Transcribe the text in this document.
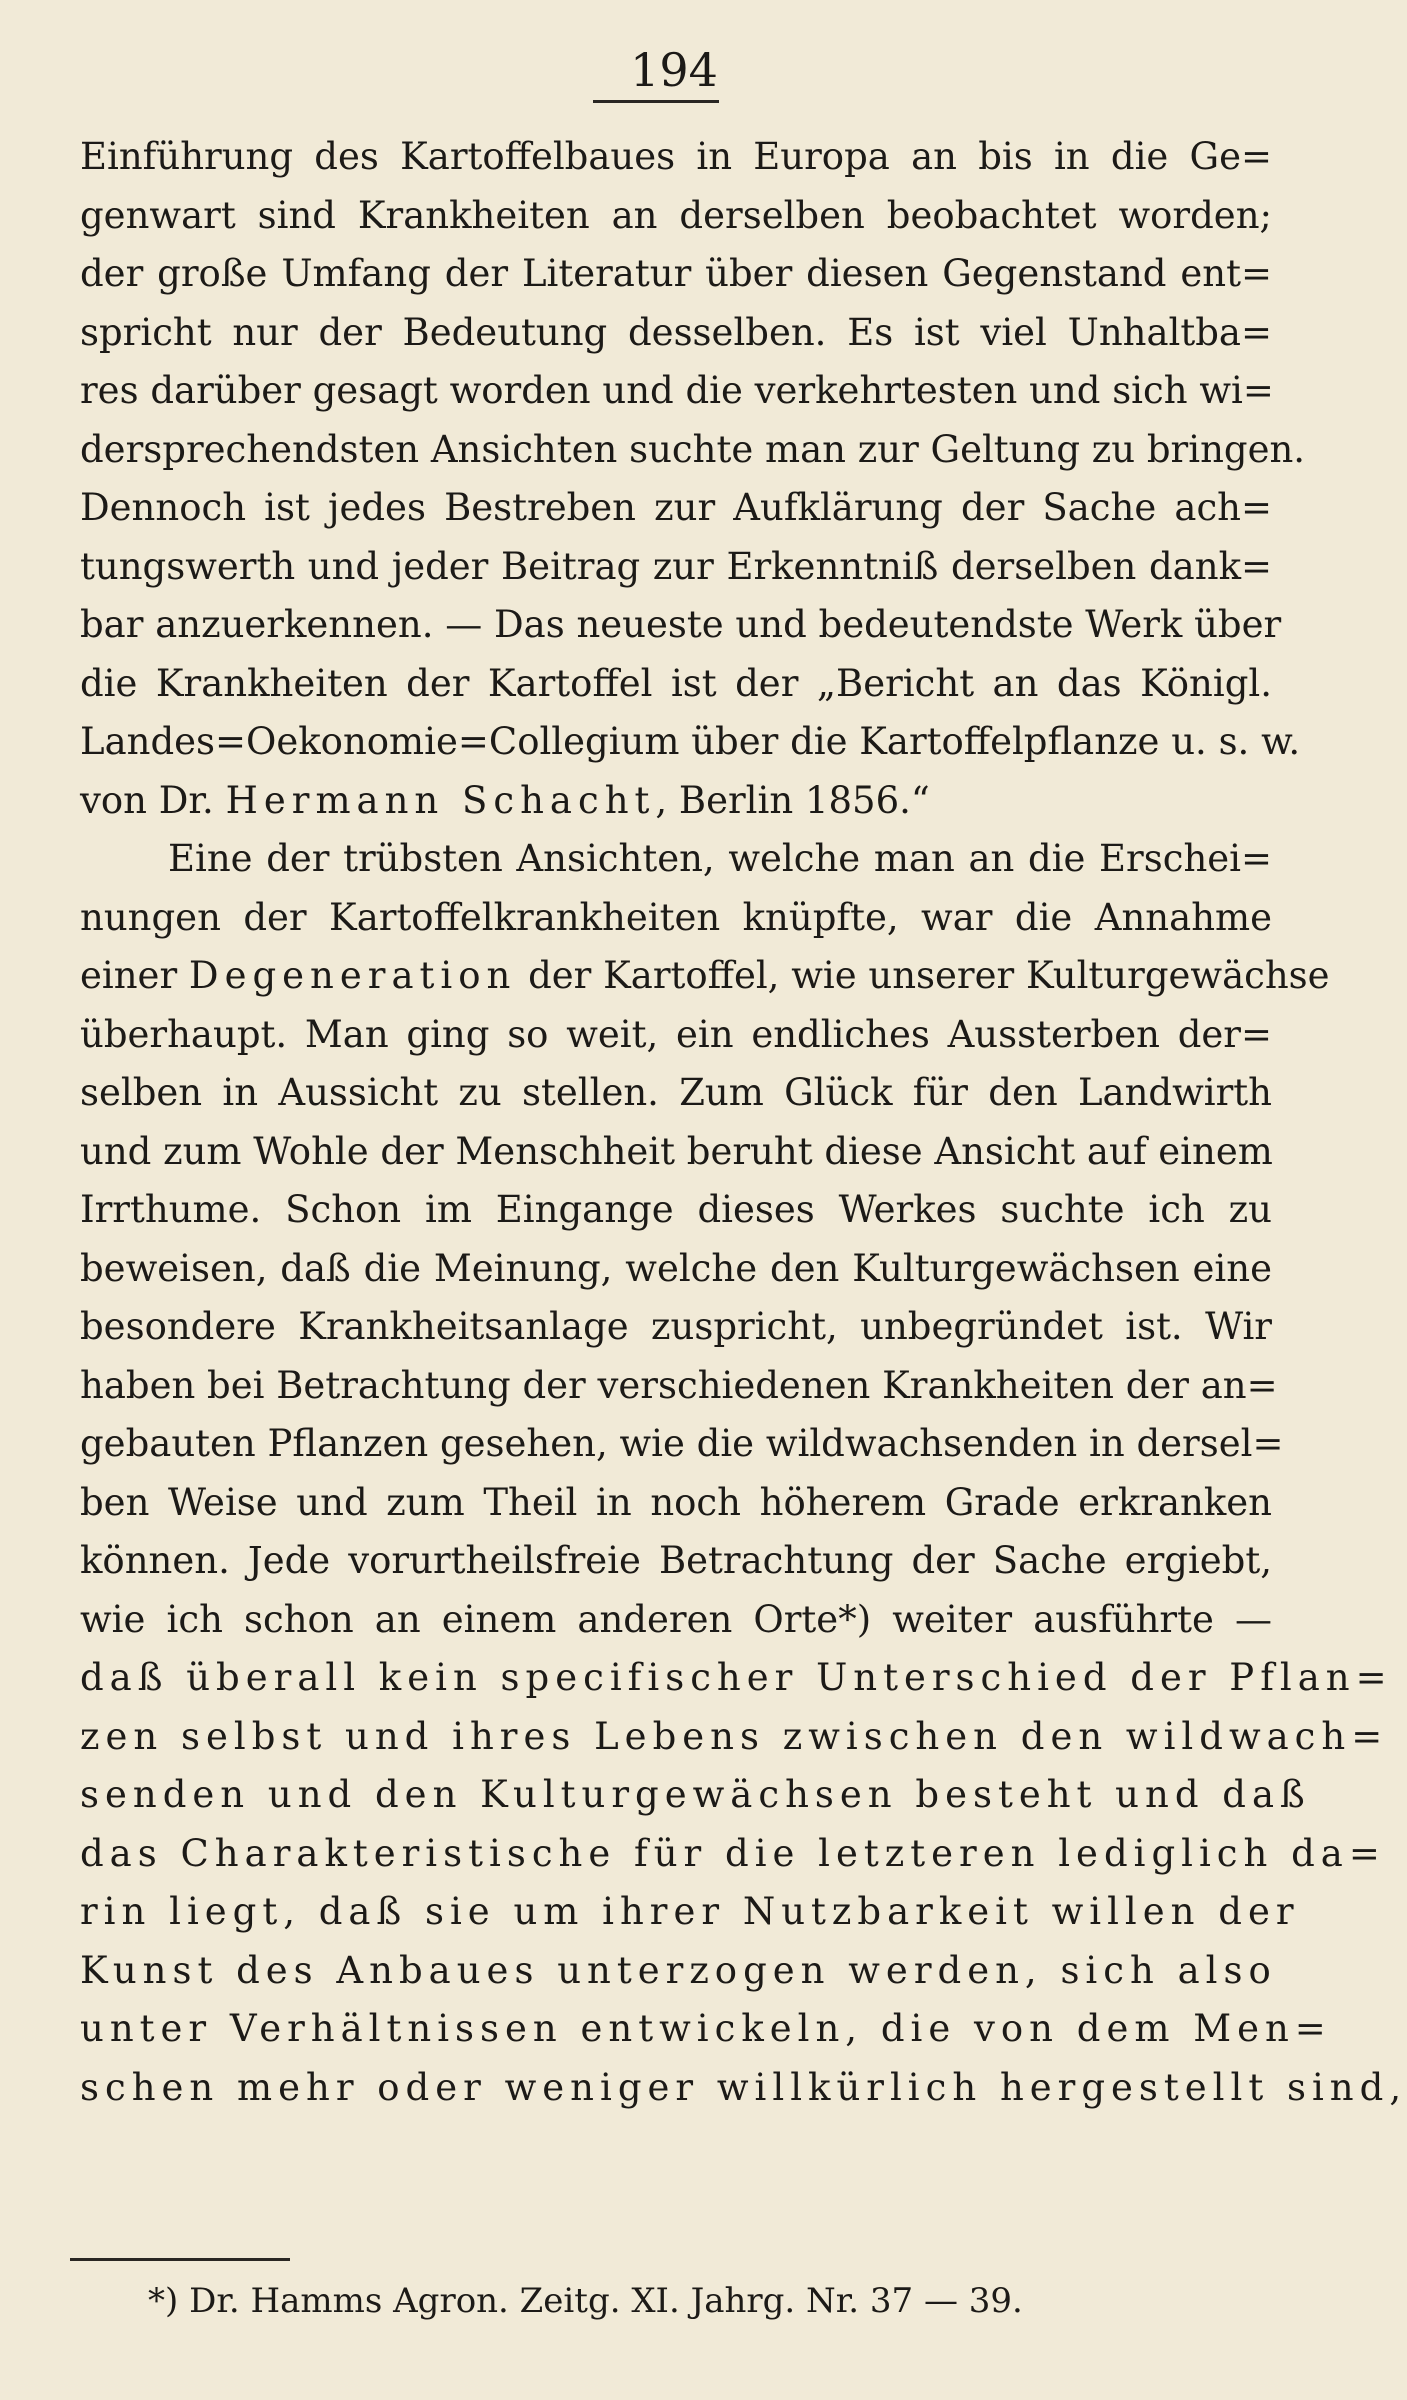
194
Einführung des Kartoffelbaues in Europa an bis in die Ge=
genwart sind Krankheiten an derselben beobachtet worden;
der große Umfang der Literatur über diesen Gegenstand ent=
spricht nur der Bedeutung desselben. Es ist viel Unhaltba=
res darüber gesagt worden und die verkehrtesten und sich wi=
dersprechendsten Ansichten suchte man zur Geltung zu bringen.
Dennoch ist jedes Bestreben zur Aufklärung der Sache ach=
tungswerth und jeder Beitrag zur Erkenntniß derselben dank=
bar anzuerkennen. — Das neueste und bedeutendste Werk über
die Krankheiten der Kartoffel ist der „Bericht an das Königl.
Landes=Oekonomie=Collegium über die Kartoffelpflanze u. s. w.
von Dr. Hermann Schacht, Berlin 1856.“
Eine der trübsten Ansichten, welche man an die Erschei=
nungen der Kartoffelkrankheiten knüpfte, war die Annahme
einer Degeneration der Kartoffel, wie unserer Kulturgewächse
überhaupt. Man ging so weit, ein endliches Aussterben der=
selben in Aussicht zu stellen. Zum Glück für den Landwirth
und zum Wohle der Menschheit beruht diese Ansicht auf einem
Irrthume. Schon im Eingange dieses Werkes suchte ich zu
beweisen, daß die Meinung, welche den Kulturgewächsen eine
besondere Krankheitsanlage zuspricht, unbegründet ist. Wir
haben bei Betrachtung der verschiedenen Krankheiten der an=
gebauten Pflanzen gesehen, wie die wildwachsenden in dersel=
ben Weise und zum Theil in noch höherem Grade erkranken
können. Jede vorurtheilsfreie Betrachtung der Sache ergiebt,
wie ich schon an einem anderen Orte*) weiter ausführte —
daß überall kein specifischer Unterschied der Pflan=
zen selbst und ihres Lebens zwischen den wildwach=
senden und den Kulturgewächsen besteht und daß
das Charakteristische für die letzteren lediglich da=
rin liegt, daß sie um ihrer Nutzbarkeit willen der
Kunst des Anbaues unterzogen werden, sich also
unter Verhältnissen entwickeln, die von dem Men=
schen mehr oder weniger willkürlich hergestellt sind,
*) Dr. Hamms Agron. Zeitg. XI. Jahrg. Nr. 37 — 39.
